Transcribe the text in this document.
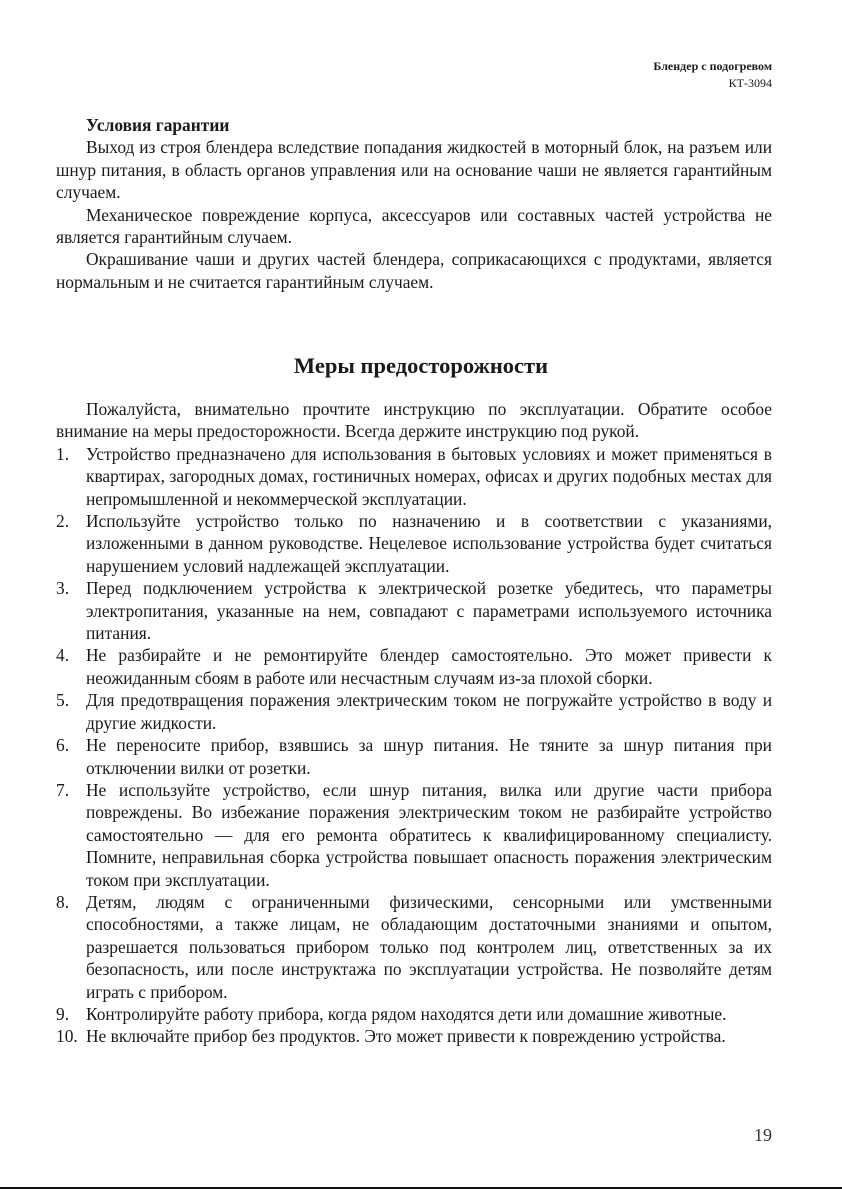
Блендер с подогревом
КТ-3094

Условия гарантии

Выход из строя блендера вследствие попадания жидкостей в моторный блок, на разъем или шнур питания, в область органов управления или на основание чаши не является гарантийным случаем.

Механическое повреждение корпуса, аксессуаров или составных частей устройства не является гарантийным случаем.

Окрашивание чаши и других частей блендера, соприкасающихся с продуктами, является нормальным и не считается гарантийным случаем.

Меры предосторожности

Пожалуйста, внимательно прочтите инструкцию по эксплуатации. Обратите особое внимание на меры предосторожности. Всегда держите инструкцию под рукой.

1. Устройство предназначено для использования в бытовых условиях и может применяться в квартирах, загородных домах, гостиничных номерах, офисах и других подобных местах для непромышленной и некоммерческой эксплуатации.
2. Используйте устройство только по назначению и в соответствии с указаниями, изложенными в данном руководстве. Нецелевое использование устройства будет считаться нарушением условий надлежащей эксплуатации.
3. Перед подключением устройства к электрической розетке убедитесь, что параметры электропитания, указанные на нем, совпадают с параметрами используемого источника питания.
4. Не разбирайте и не ремонтируйте блендер самостоятельно. Это может привести к неожиданным сбоям в работе или несчастным случаям из-за плохой сборки.
5. Для предотвращения поражения электрическим током не погружайте устройство в воду и другие жидкости.
6. Не переносите прибор, взявшись за шнур питания. Не тяните за шнур питания при отключении вилки от розетки.
7. Не используйте устройство, если шнур питания, вилка или другие части прибора повреждены. Во избежание поражения электрическим током не разбирайте устройство самостоятельно — для его ремонта обратитесь к квалифицированному специалисту. Помните, неправильная сборка устройства повышает опасность поражения электрическим током при эксплуатации.
8. Детям, людям с ограниченными физическими, сенсорными или умственными способностями, а также лицам, не обладающим достаточными знаниями и опытом, разрешается пользоваться прибором только под контролем лиц, ответственных за их безопасность, или после инструктажа по эксплуатации устройства. Не позволяйте детям играть с прибором.
9. Контролируйте работу прибора, когда рядом находятся дети или домашние животные.
10. Не включайте прибор без продуктов. Это может привести к повреждению устройства.
19
